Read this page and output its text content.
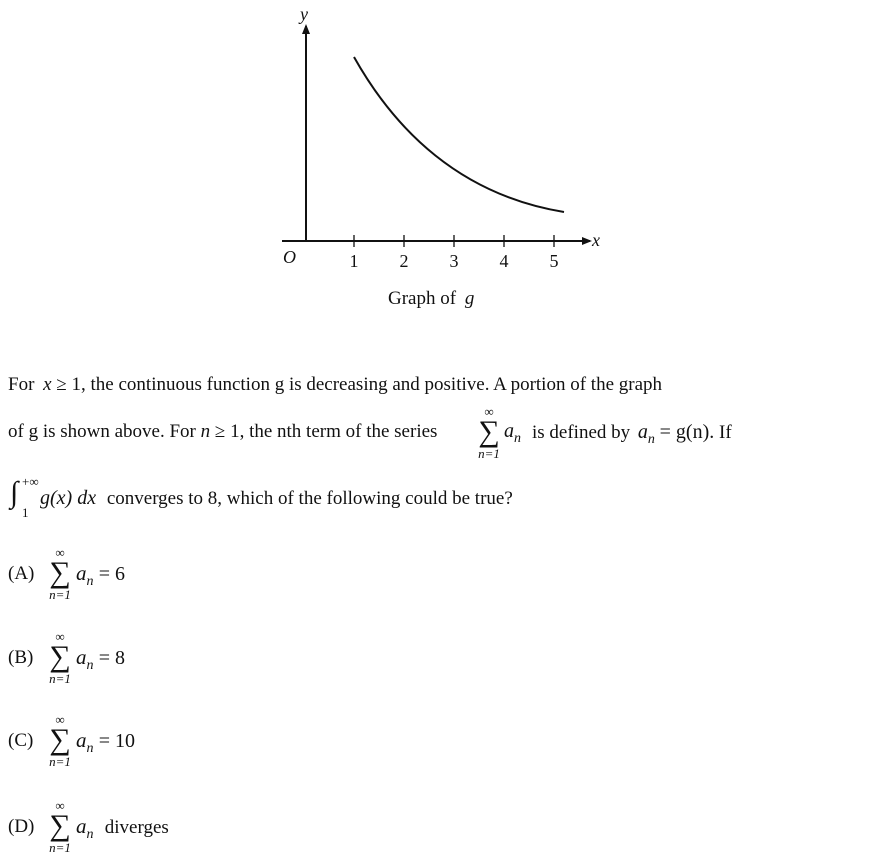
y
x
O	1 2 3 4 5
Graph of g
For x ≥ 1, the continuous function g is decreasing and positive. A portion of the graph
of g is shown above. For n ≥ 1, the nth term of the series
∞
∑
n=1
$a_n$ is defined by $a_n = g(n)$. If
∫ +∞
1
g(x) dx converges to 8, which of the following could be true?
(A)
∞
∑
n=1
$a_n = 6$
(B)
∞
∑
n=1
$a_n = 8$
(C)
∞
∑
n=1
$a_n = 10$
(D)
∞
∑
n=1
$a_n$ diverges
